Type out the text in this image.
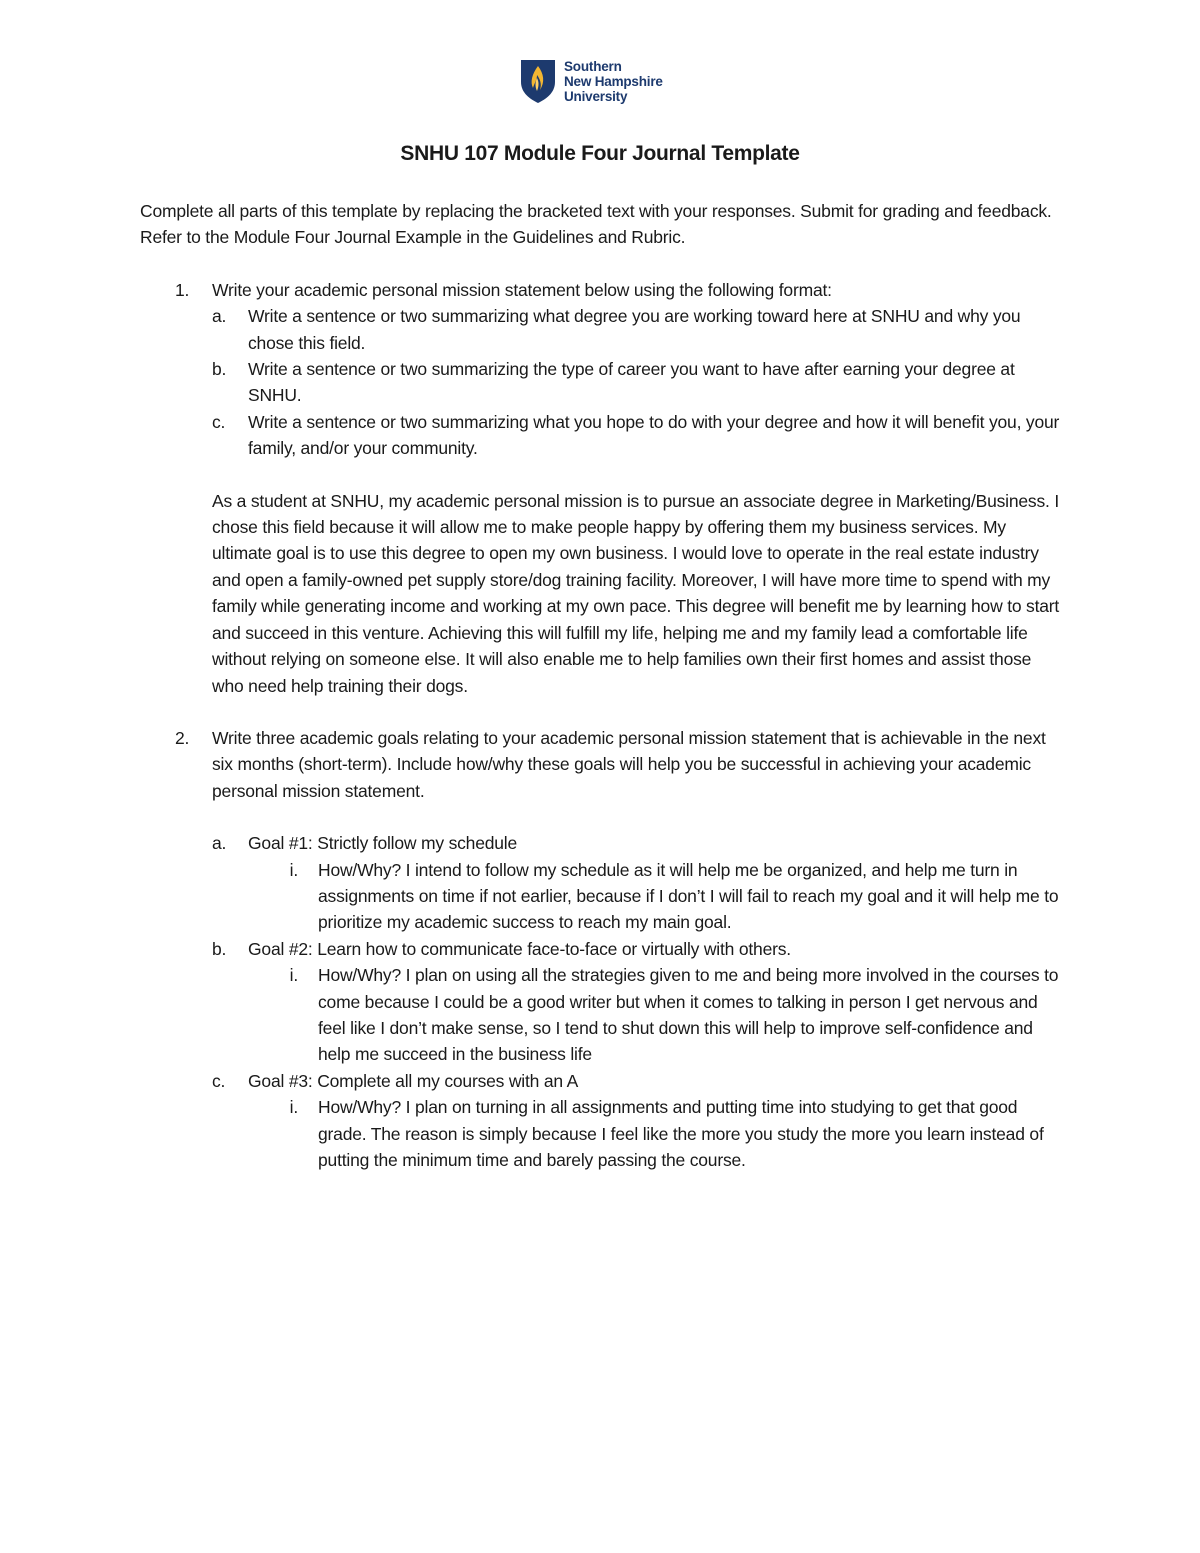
Southern
New Hampshire
University
SNHU 107 Module Four Journal Template

Complete all parts of this template by replacing the bracketed text with your responses. Submit for grading and feedback. Refer to the Module Four Journal Example in the Guidelines and Rubric.

1.	Write your academic personal mission statement below using the following format:
a.	Write a sentence or two summarizing what degree you are working toward here at SNHU and why you chose this field.
b.	Write a sentence or two summarizing the type of career you want to have after earning your degree at SNHU.
c.	Write a sentence or two summarizing what you hope to do with your degree and how it will benefit you, your family, and/or your community.

As a student at SNHU, my academic personal mission is to pursue an associate degree in Marketing/Business. I chose this field because it will allow me to make people happy by offering them my business services. My ultimate goal is to use this degree to open my own business. I would love to operate in the real estate industry and open a family-owned pet supply store/dog training facility. Moreover, I will have more time to spend with my family while generating income and working at my own pace. This degree will benefit me by learning how to start and succeed in this venture. Achieving this will fulfill my life, helping me and my family lead a comfortable life without relying on someone else. It will also enable me to help families own their first homes and assist those who need help training their dogs.

2.	Write three academic goals relating to your academic personal mission statement that is achievable in the next six months (short-term). Include how/why these goals will help you be successful in achieving your academic personal mission statement.
a.	Goal #1: Strictly follow my schedule
i.	How/Why? I intend to follow my schedule as it will help me be organized, and help me turn in assignments on time if not earlier, because if I don’t I will fail to reach my goal and it will help me to prioritize my academic success to reach my main goal.
b.	Goal #2: Learn how to communicate face-to-face or virtually with others.
i.	How/Why? I plan on using all the strategies given to me and being more involved in the courses to come because I could be a good writer but when it comes to talking in person I get nervous and feel like I don’t make sense, so I tend to shut down this will help to improve self-confidence and help me succeed in the business life
c.	Goal #3: Complete all my courses with an A
i.	How/Why? I plan on turning in all assignments and putting time into studying to get that good grade. The reason is simply because I feel like the more you study the more you learn instead of putting the minimum time and barely passing the course.
